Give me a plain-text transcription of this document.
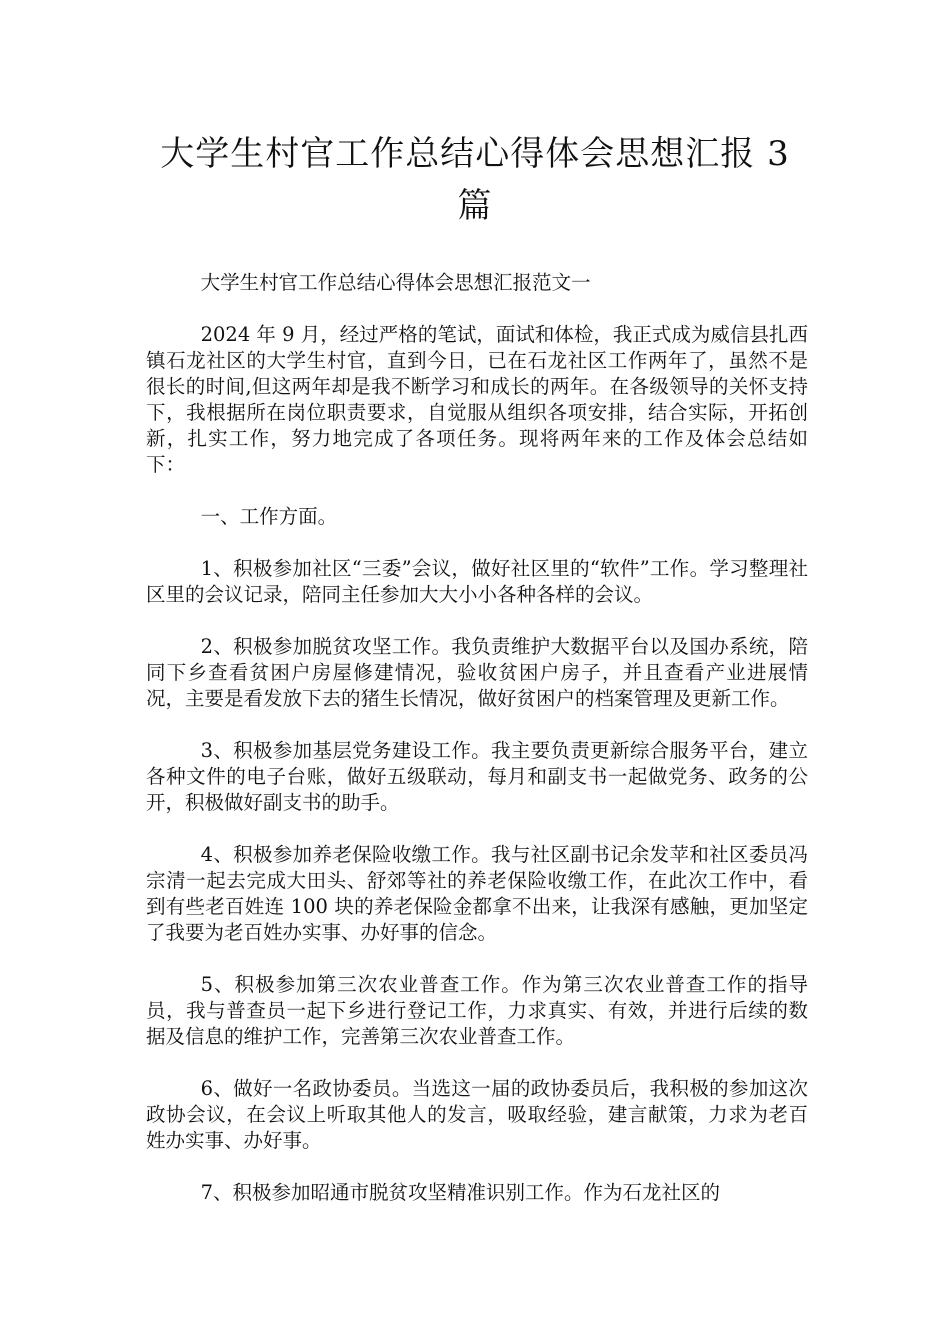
大学生村官工作总结心得体会思想汇报 3 篇

大学生村官工作总结心得体会思想汇报范文一

2024 年 9 月，经过严格的笔试，面试和体检，我正式成为威信县扎西镇石龙社区的大学生村官，直到今日，已在石龙社区工作两年了，虽然不是很长的时间,但这两年却是我不断学习和成长的两年。在各级领导的关怀支持下，我根据所在岗位职责要求，自觉服从组织各项安排，结合实际，开拓创新，扎实工作，努力地完成了各项任务。现将两年来的工作及体会总结如下：

一、工作方面。

1、积极参加社区“三委”会议，做好社区里的“软件”工作。学习整理社区里的会议记录，陪同主任参加大大小小各种各样的会议。

2、积极参加脱贫攻坚工作。我负责维护大数据平台以及国办系统，陪同下乡查看贫困户房屋修建情况，验收贫困户房子，并且查看产业进展情况，主要是看发放下去的猪生长情况，做好贫困户的档案管理及更新工作。

3、积极参加基层党务建设工作。我主要负责更新综合服务平台，建立各种文件的电子台账，做好五级联动，每月和副支书一起做党务、政务的公开，积极做好副支书的助手。

4、积极参加养老保险收缴工作。我与社区副书记余发苹和社区委员冯宗清一起去完成大田头、舒郊等社的养老保险收缴工作，在此次工作中，看到有些老百姓连 100 块的养老保险金都拿不出来，让我深有感触，更加坚定了我要为老百姓办实事、办好事的信念。

5、积极参加第三次农业普查工作。作为第三次农业普查工作的指导员，我与普查员一起下乡进行登记工作，力求真实、有效，并进行后续的数据及信息的维护工作，完善第三次农业普查工作。

6、做好一名政协委员。当选这一届的政协委员后，我积极的参加这次政协会议，在会议上听取其他人的发言，吸取经验，建言献策，力求为老百姓办实事、办好事。

7、积极参加昭通市脱贫攻坚精准识别工作。作为石龙社区的
